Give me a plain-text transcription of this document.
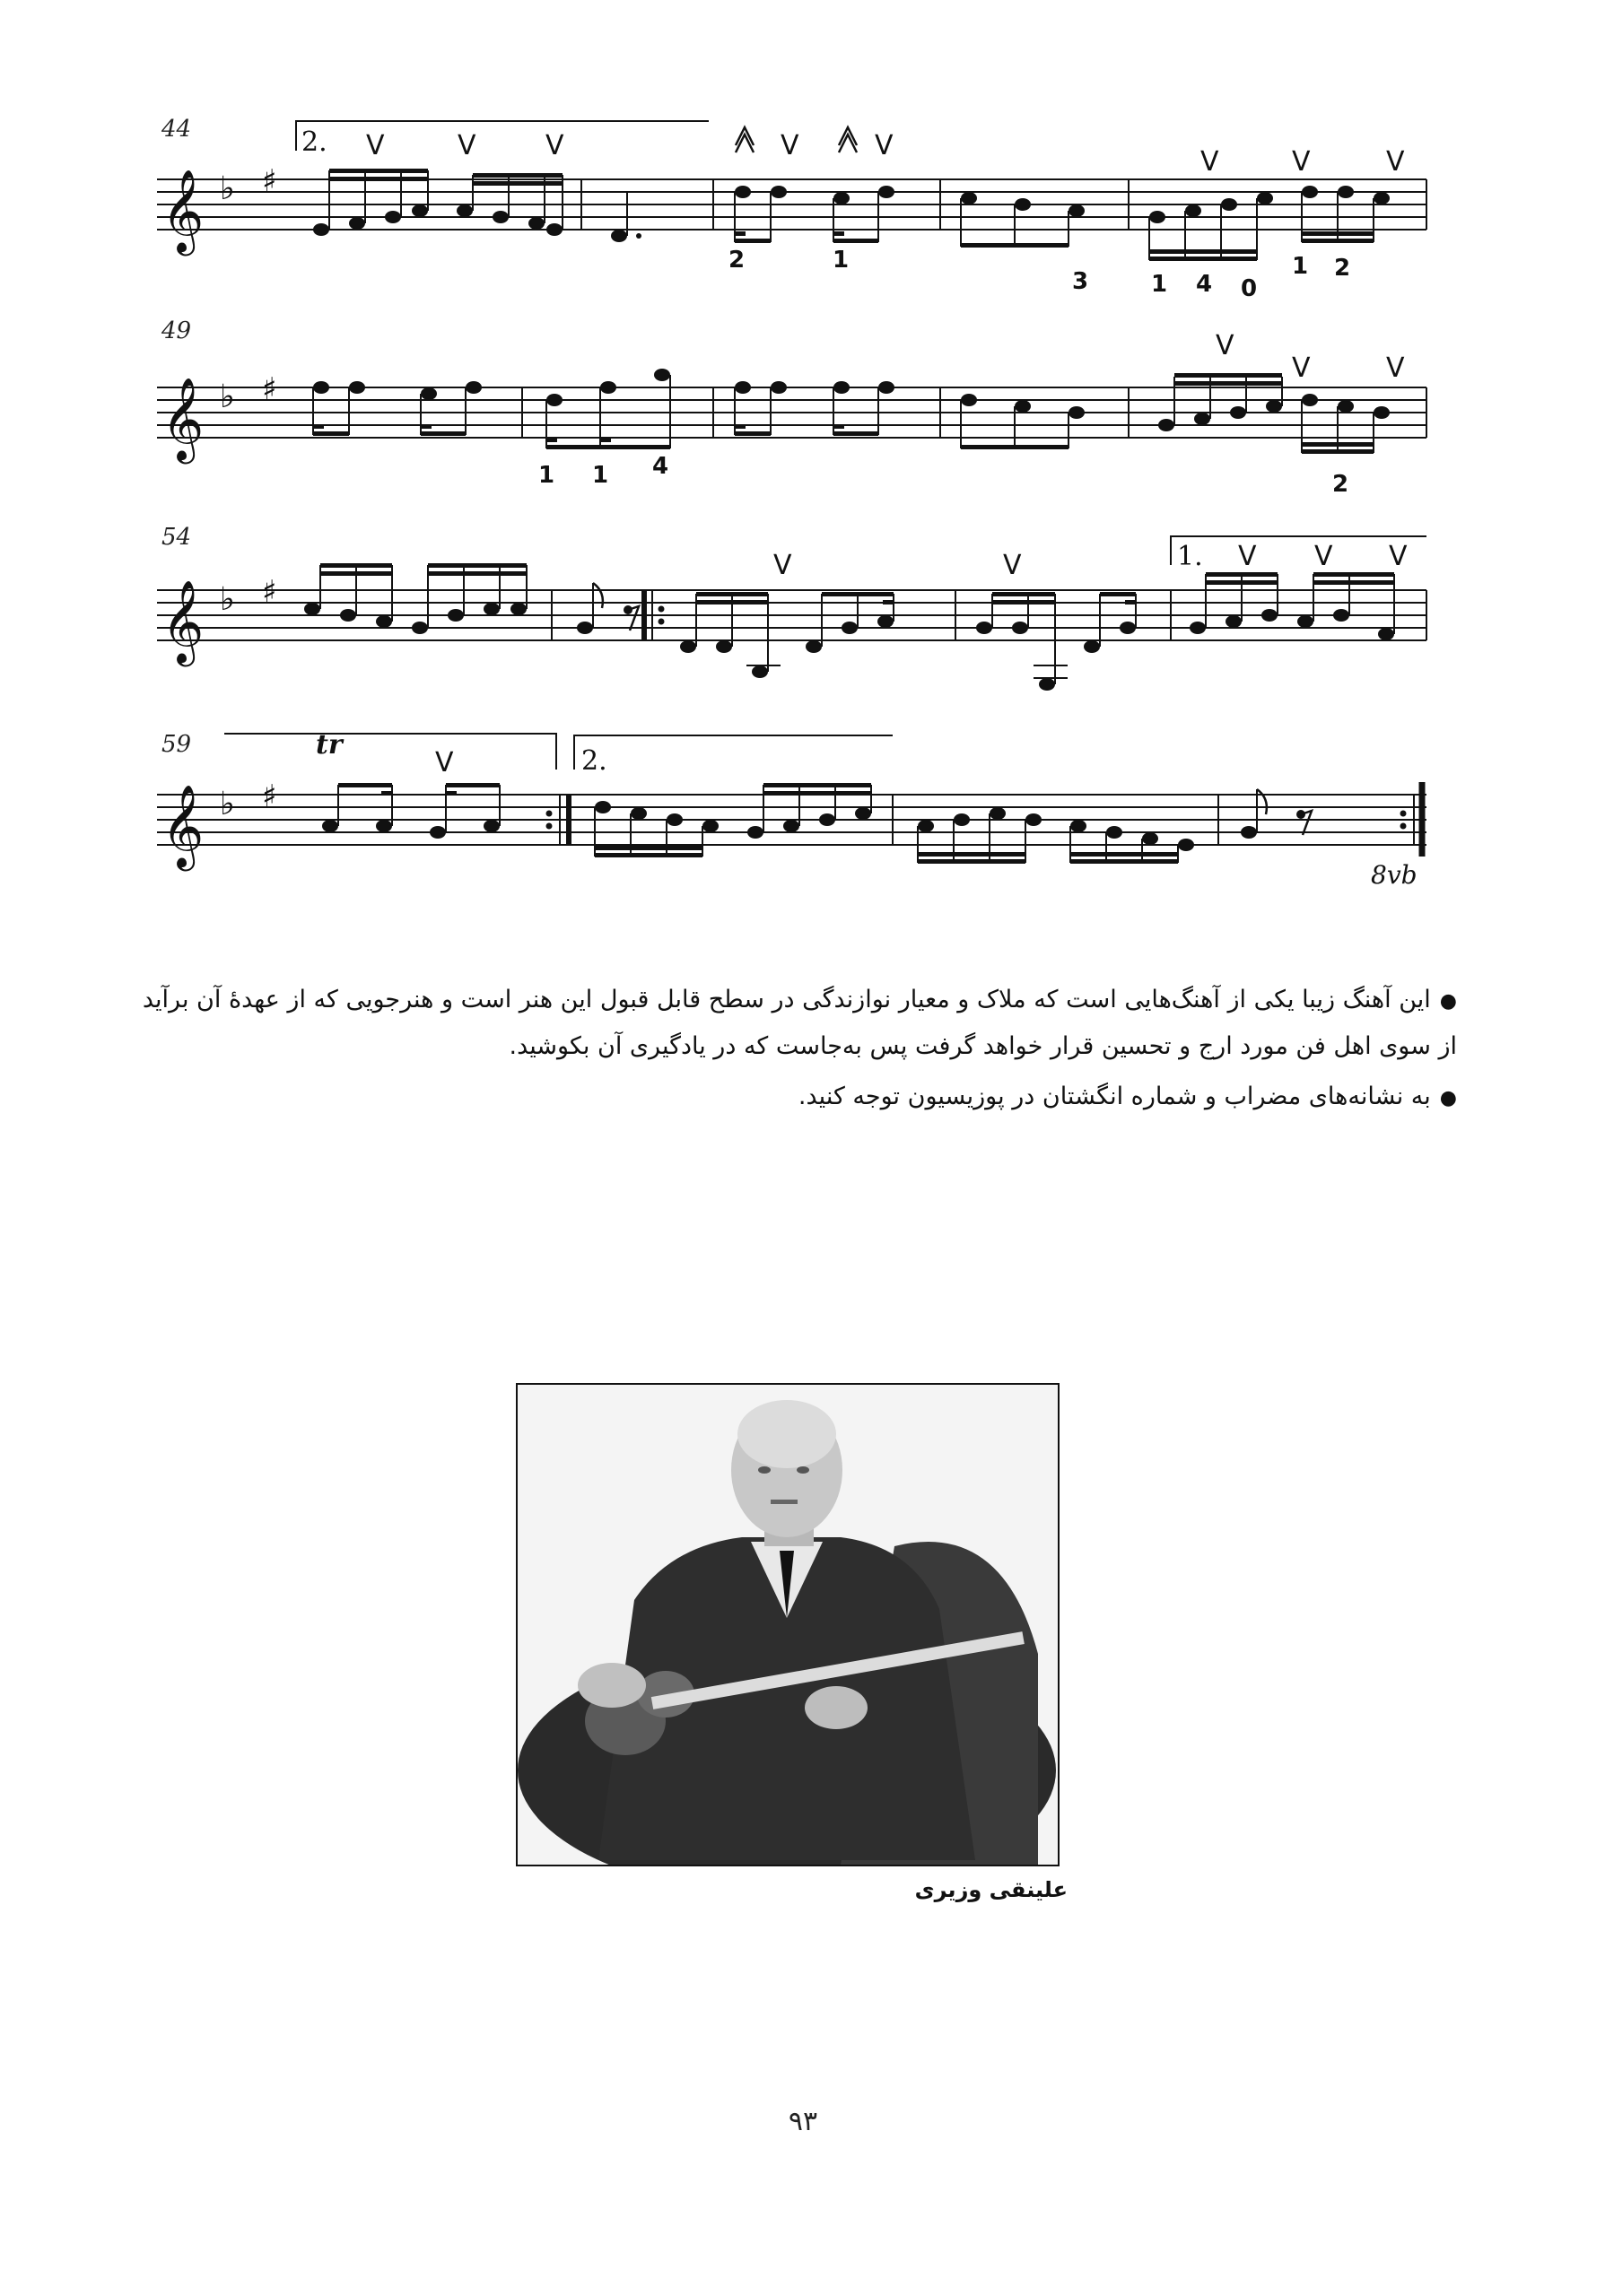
44
𝄞 ♭ ♯
2. V	V	V	V	V
V	V	V
2	1
3	1 4 0
1 2
49
𝄞 ♭ ♯
V
V	V
1 1 4
2
54
𝄞 ♭ ♯
1.
V	V	V V V
59
𝄞 ♭ ♯
2.
tr
V
8vb

●این آهنگ زیبا یکی از آهنگ‌هایی است که ملاک و معیار نوازندگی در سطح قابل قبول این هنر است و هنرجویی که از عهدهٔ آن برآید از سوی اهل فن مورد ارج و تحسین قرار خواهد گرفت پس به‌جاست که در یادگیری آن بکوشید.

●به نشانه‌های مضراب و شماره انگشتان در پوزیسیون توجه کنید.

علینقی وزیری
۹۳
